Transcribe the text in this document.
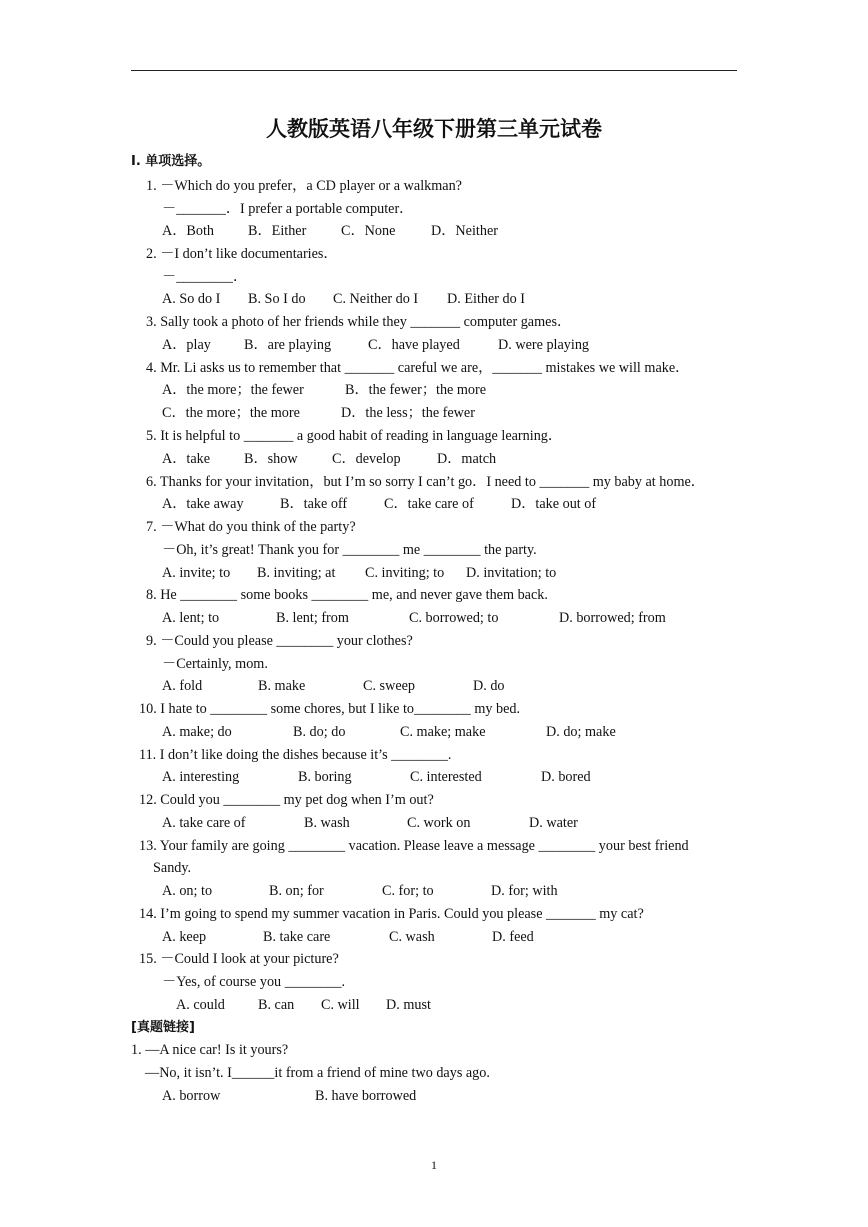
人教版英语八年级下册第三单元试卷
I. 单项选择。
1. －Which do you prefer，a CD player or a walkman?
－_______．I prefer a portable computer．
A．Both B．Either C．None	D．Neither
2. －I don’t like documentaries．
－________．
A. So do I B. So I do C. Neither do I D. Either do I
3. Sally took a photo of her friends while they _______ computer games．
A．play B．are playing	C．have played	D. were playing
4. Mr. Li asks us to remember that _______ careful we are，_______ mistakes we will make．
A．the more；the fewer	B．the fewer；the more
C．the more；the more	D．the less；the fewer
5. It is helpful to _______ a good habit of reading in language learning．
A．take B．show C．develop	D．match
6. Thanks for your invitation，but I’m so sorry I can’t go．I need to _______ my baby at home．
A．take away	B．take off	C．take care of	D．take out of
7. －What do you think of the party?
－Oh, it’s great! Thank you for ________ me ________ the party.
A. invite; to B. inviting; at C. inviting; to D. invitation; to
8. He ________ some books ________ me, and never gave them back.
A. lent; to	B. lent; from	C. borrowed; to	D. borrowed; from
9. －Could you please ________ your clothes?
－Certainly, mom.
A. fold	B. make	C. sweep	D. do
10. I hate to ________ some chores, but I like to________ my bed.
A. make; do	B. do; do	C. make; make	D. do; make
11. I don’t like doing the dishes because it’s ________.
A. interesting	B. boring	C. interested	D. bored
12. Could you ________ my pet dog when I’m out?
A. take care of	B. wash	C. work on	D. water
13. Your family are going ________ vacation. Please leave a message ________ your best friend
Sandy.
A. on; to	B. on; for	C. for; to	D. for; with
14. I’m going to spend my summer vacation in Paris. Could you please _______ my cat?
A. keep	B. take care	C. wash	D. feed
15. －Could I look at your picture?
－Yes, of course you ________.
A. could B. can C. will D. must
[真题链接]
1. —A nice car! Is it yours?
—No, it isn’t. I______it from a friend of mine two days ago.
A. borrow	B. have borrowed
1
